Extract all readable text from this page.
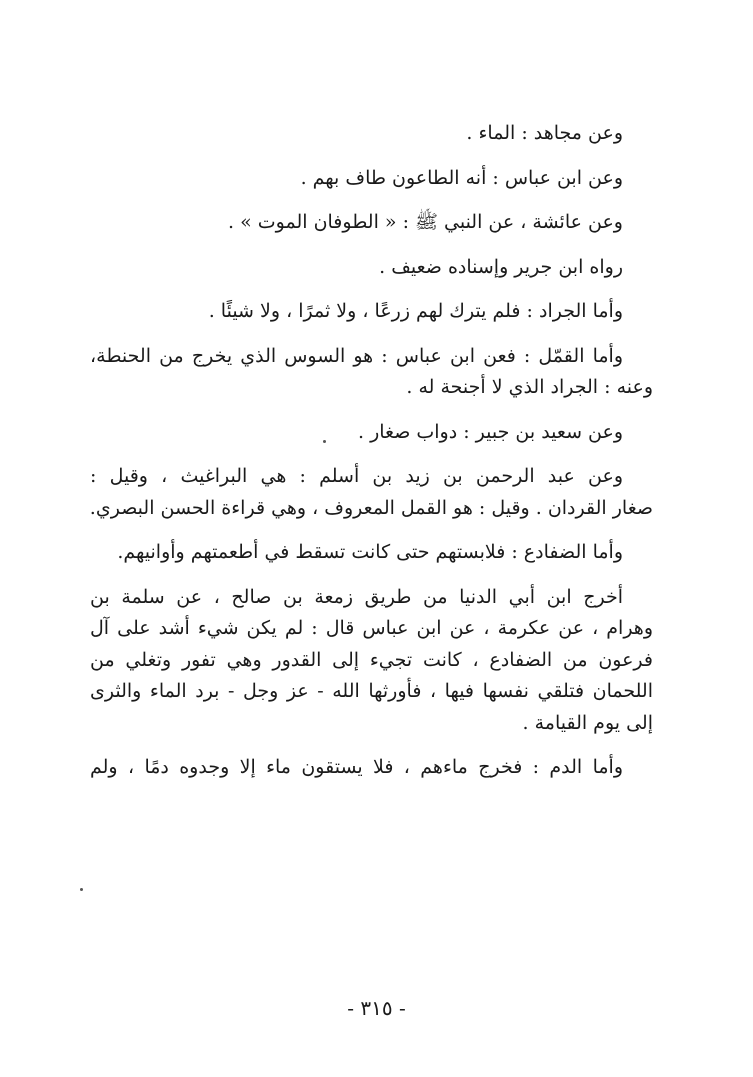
وعن مجاهد : الماء .

وعن ابن عباس : أنه الطاعون طاف بهم .

وعن عائشة ، عن النبي ﷺ : « الطوفان الموت » .

رواه ابن جرير وإسناده ضعيف .

وأما الجراد : فلم يترك لهم زرعًا ، ولا ثمرًا ، ولا شيئًا .

وأما القمّل : فعن ابن عباس : هو السوس الذي يخرج من الحنطة،
وعنه : الجراد الذي لا أجنحة له .

وعن سعيد بن جبير : دواب صغار .

وعن عبد الرحمن بن زيد بن أسلم : هي البراغيث ، وقيل :
صغار القردان . وقيل : هو القمل المعروف ، وهي قراءة الحسن البصري.

وأما الضفادع : فلابستهم حتى كانت تسقط في أطعمتهم وأوانيهم.

أخرج ابن أبي الدنيا من طريق زمعة بن صالح ، عن سلمة بن
وهرام ، عن عكرمة ، عن ابن عباس قال : لم يكن شيء أشد على آل
فرعون من الضفادع ، كانت تجيء إلى القدور وهي تفور وتغلي من
اللحمان فتلقي نفسها فيها ، فأورثها الله - عز وجل - برد الماء والثرى
إلى يوم القيامة .

وأما الدم : فخرج ماءهم ، فلا يستقون ماء إلا وجدوه دمًا ، ولم

- ٣١٥ -
